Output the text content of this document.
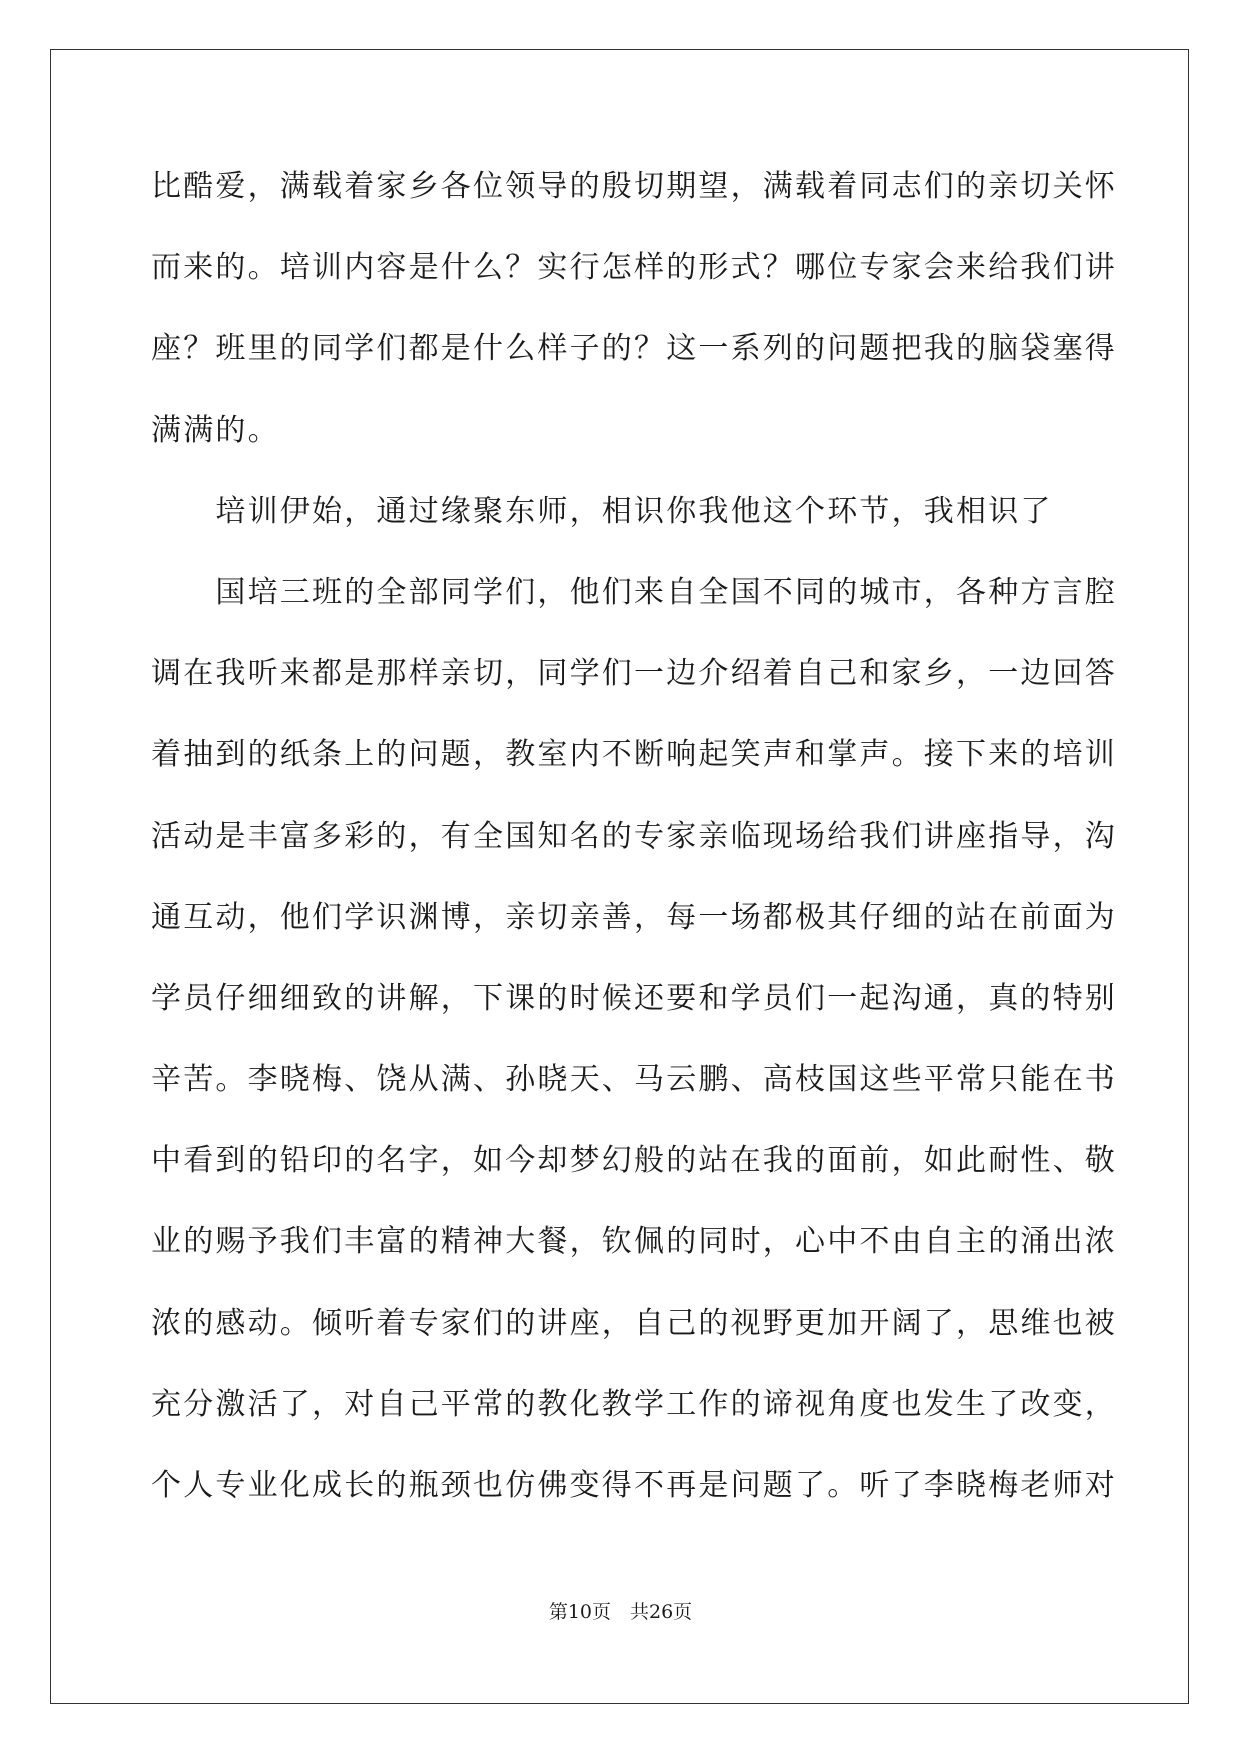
比酷爱，满载着家乡各位领导的殷切期望，满载着同志们的亲切关怀
而来的。培训内容是什么？实行怎样的形式？哪位专家会来给我们讲
座？班里的同学们都是什么样子的？这一系列的问题把我的脑袋塞得
满满的。
　　培训伊始，通过缘聚东师，相识你我他这个环节，我相识了
　　国培三班的全部同学们，他们来自全国不同的城市，各种方言腔
调在我听来都是那样亲切，同学们一边介绍着自己和家乡，一边回答
着抽到的纸条上的问题，教室内不断响起笑声和掌声。接下来的培训
活动是丰富多彩的，有全国知名的专家亲临现场给我们讲座指导，沟
通互动，他们学识渊博，亲切亲善，每一场都极其仔细的站在前面为
学员仔细细致的讲解，下课的时候还要和学员们一起沟通，真的特别
辛苦。李晓梅、饶从满、孙晓天、马云鹏、高枝国这些平常只能在书
中看到的铅印的名字，如今却梦幻般的站在我的面前，如此耐性、敬
业的赐予我们丰富的精神大餐，钦佩的同时，心中不由自主的涌出浓
浓的感动。倾听着专家们的讲座，自己的视野更加开阔了，思维也被
充分激活了，对自己平常的教化教学工作的谛视角度也发生了改变，
个人专业化成长的瓶颈也仿佛变得不再是问题了。听了李晓梅老师对
第10页　共26页
